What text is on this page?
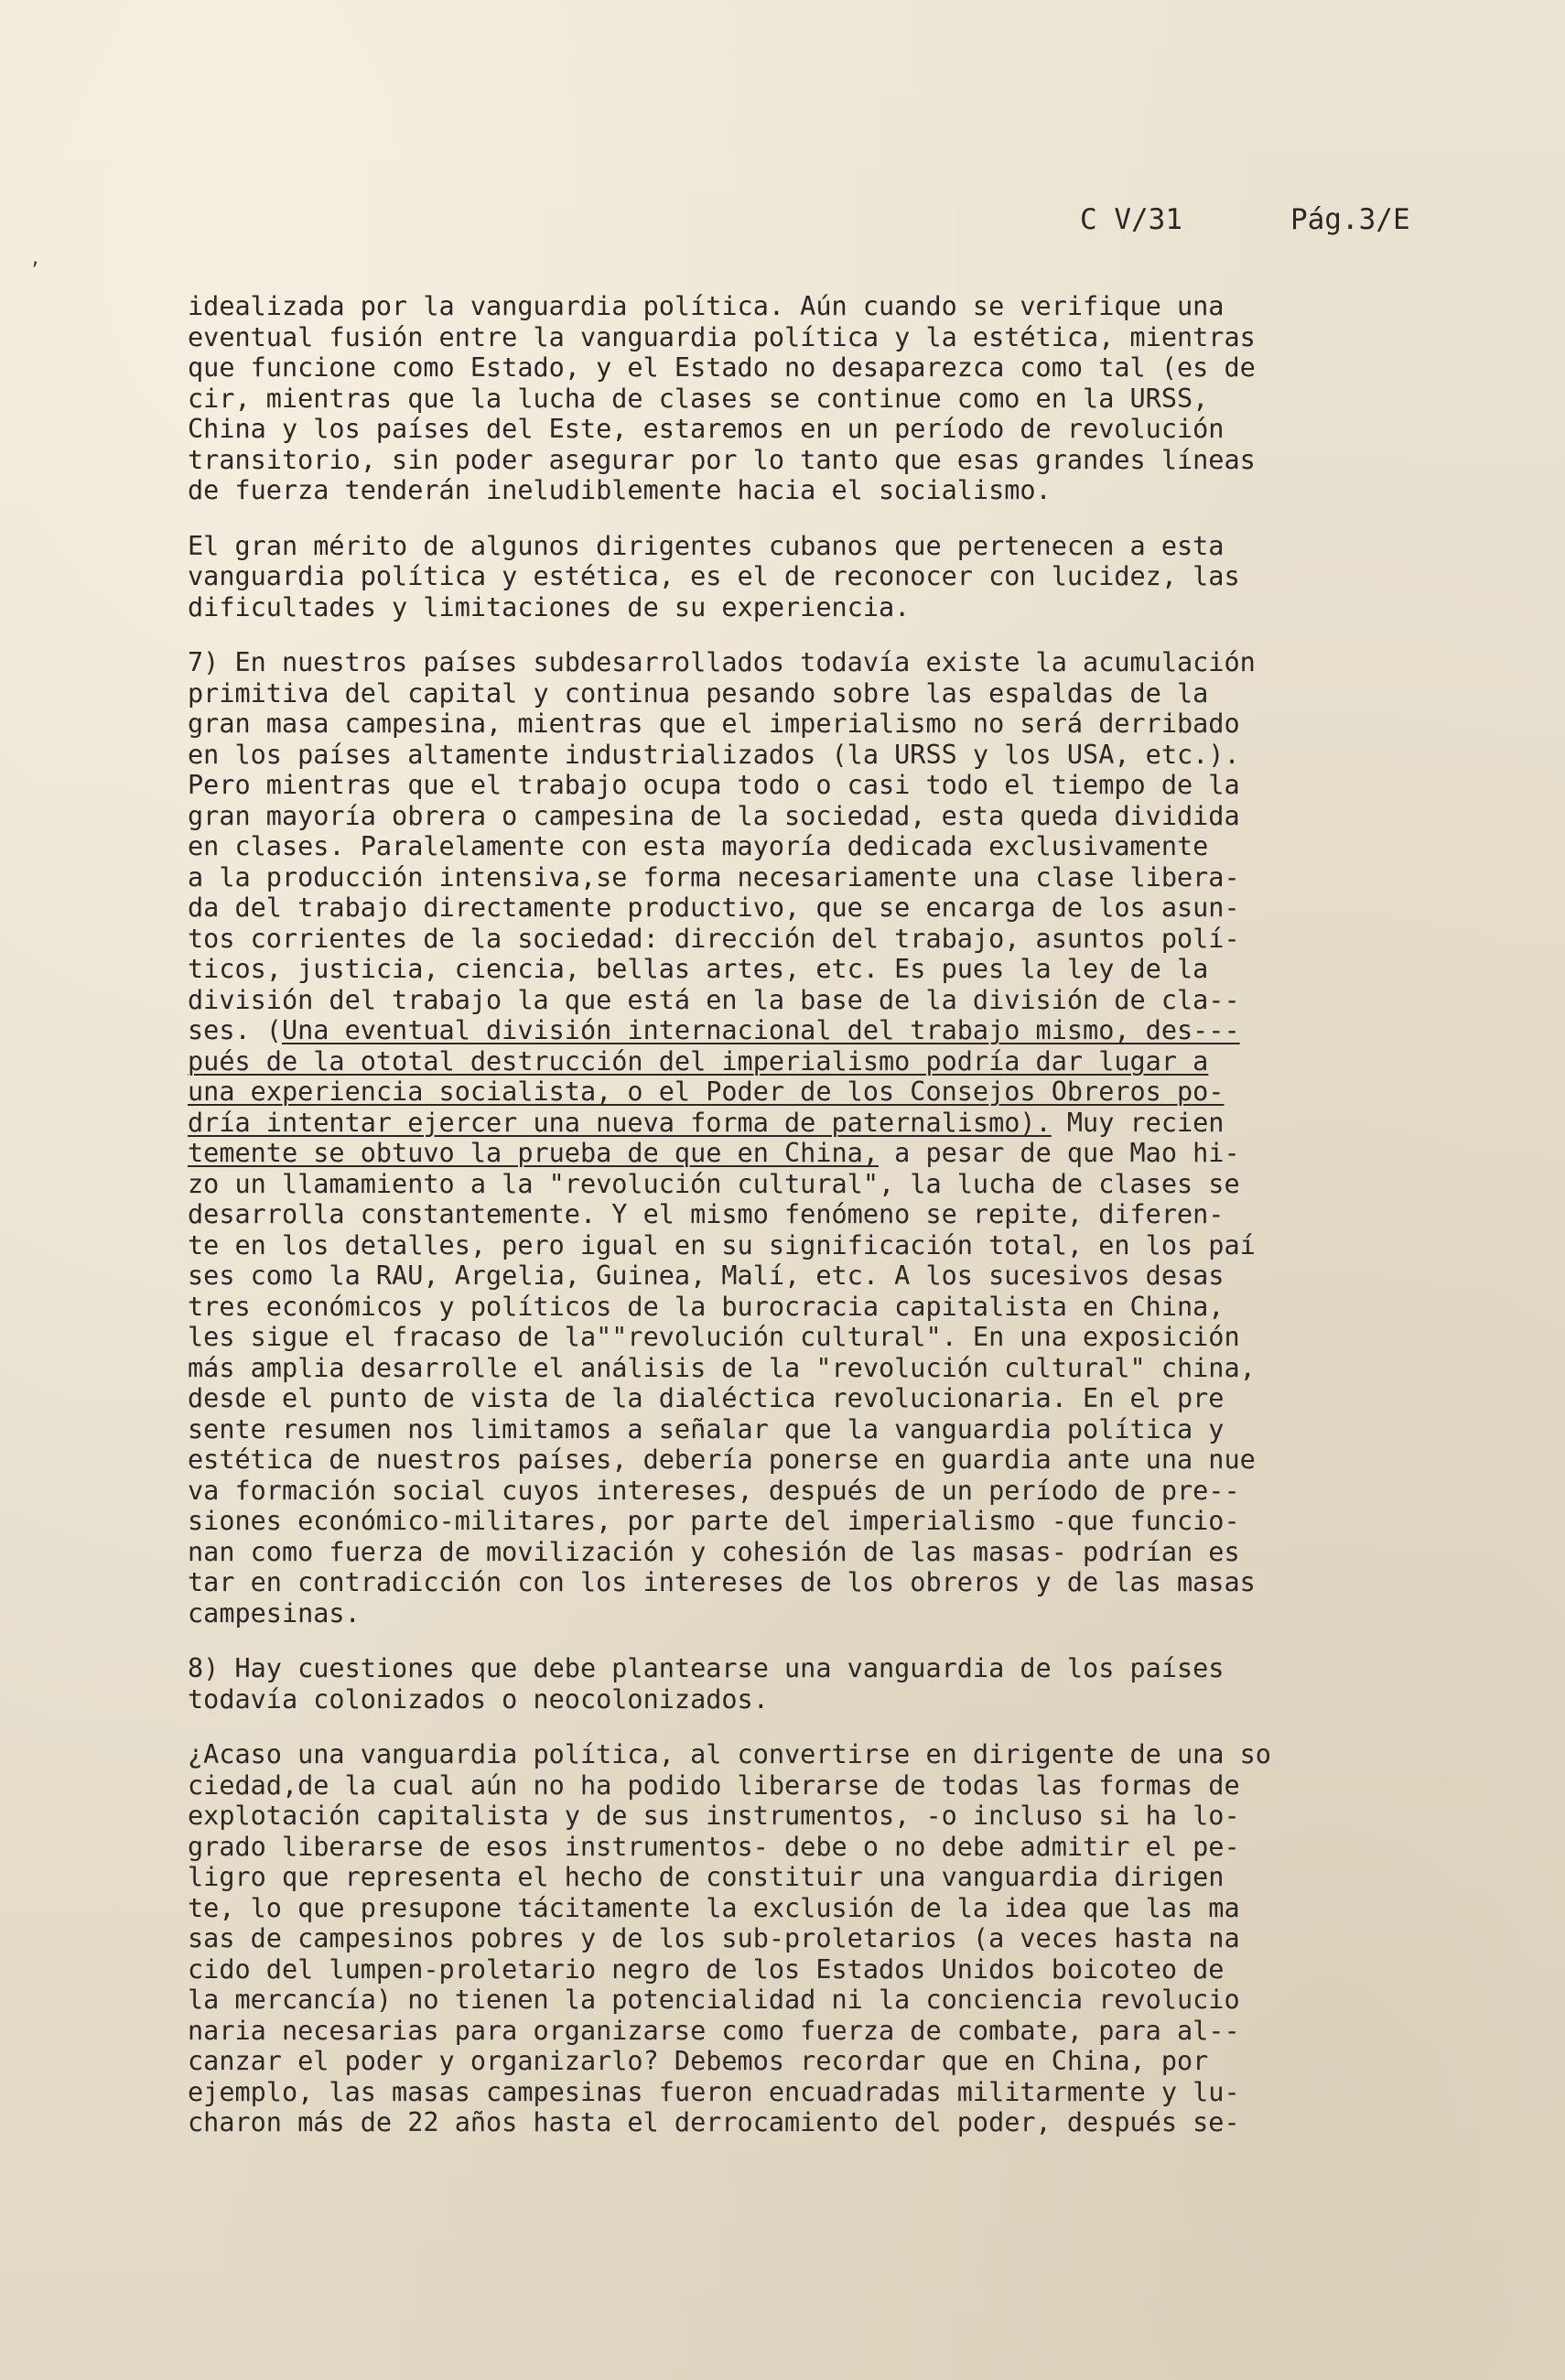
C V/31	Pág.3/E
ʼ
idealizada por la vanguardia política. Aún cuando se verifique una
eventual fusión entre la vanguardia política y la estética, mientras
que funcione como Estado, y el Estado no desaparezca como tal (es de
cir, mientras que la lucha de clases se continue como en la URSS,
China y los países del Este, estaremos en un período de revolución
transitorio, sin poder asegurar por lo tanto que esas grandes líneas
de fuerza tenderán ineludiblemente hacia el socialismo.
El gran mérito de algunos dirigentes cubanos que pertenecen a esta
vanguardia política y estética, es el de reconocer con lucidez, las
dificultades y limitaciones de su experiencia.
7) En nuestros países subdesarrollados todavía existe la acumulación
primitiva del capital y continua pesando sobre las espaldas de la
gran masa campesina, mientras que el imperialismo no será derribado
en los países altamente industrializados (la URSS y los USA, etc.).
Pero mientras que el trabajo ocupa todo o casi todo el tiempo de la
gran mayoría obrera o campesina de la sociedad, esta queda dividida
en clases. Paralelamente con esta mayoría dedicada exclusivamente
a la producción intensiva,se forma necesariamente una clase libera-
da del trabajo directamente productivo, que se encarga de los asun-
tos corrientes de la sociedad: dirección del trabajo, asuntos polí-
ticos, justicia, ciencia, bellas artes, etc. Es pues la ley de la
división del trabajo la que está en la base de la división de cla--
ses. (Una eventual división internacional del trabajo mismo, des---
pués de la ototal destrucción del imperialismo podría dar lugar a
una experiencia socialista, o el Poder de los Consejos Obreros po-
dría intentar ejercer una nueva forma de paternalismo). Muy recien
temente se obtuvo la prueba de que en China, a pesar de que Mao hi-
zo un llamamiento a la "revolución cultural", la lucha de clases se
desarrolla constantemente. Y el mismo fenómeno se repite, diferen-
te en los detalles, pero igual en su significación total, en los paí
ses como la RAU, Argelia, Guinea, Malí, etc. A los sucesivos desas
tres económicos y políticos de la burocracia capitalista en China,
les sigue el fracaso de la""revolución cultural". En una exposición
más amplia desarrolle el análisis de la "revolución cultural" china,
desde el punto de vista de la dialéctica revolucionaria. En el pre
sente resumen nos limitamos a señalar que la vanguardia política y
estética de nuestros países, debería ponerse en guardia ante una nue
va formación social cuyos intereses, después de un período de pre--
siones económico-militares, por parte del imperialismo -que funcio-
nan como fuerza de movilización y cohesión de las masas- podrían es
tar en contradicción con los intereses de los obreros y de las masas
campesinas.
8) Hay cuestiones que debe plantearse una vanguardia de los países
todavía colonizados o neocolonizados.
¿Acaso una vanguardia política, al convertirse en dirigente de una so
ciedad,de la cual aún no ha podido liberarse de todas las formas de
explotación capitalista y de sus instrumentos, -o incluso si ha lo-
grado liberarse de esos instrumentos- debe o no debe admitir el pe-
ligro que representa el hecho de constituir una vanguardia dirigen
te, lo que presupone tácitamente la exclusión de la idea que las ma
sas de campesinos pobres y de los sub-proletarios (a veces hasta na
cido del lumpen-proletario negro de los Estados Unidos boicoteo de
la mercancía) no tienen la potencialidad ni la conciencia revolucio
naria necesarias para organizarse como fuerza de combate, para al--
canzar el poder y organizarlo? Debemos recordar que en China, por
ejemplo, las masas campesinas fueron encuadradas militarmente y lu-
charon más de 22 años hasta el derrocamiento del poder, después se-
